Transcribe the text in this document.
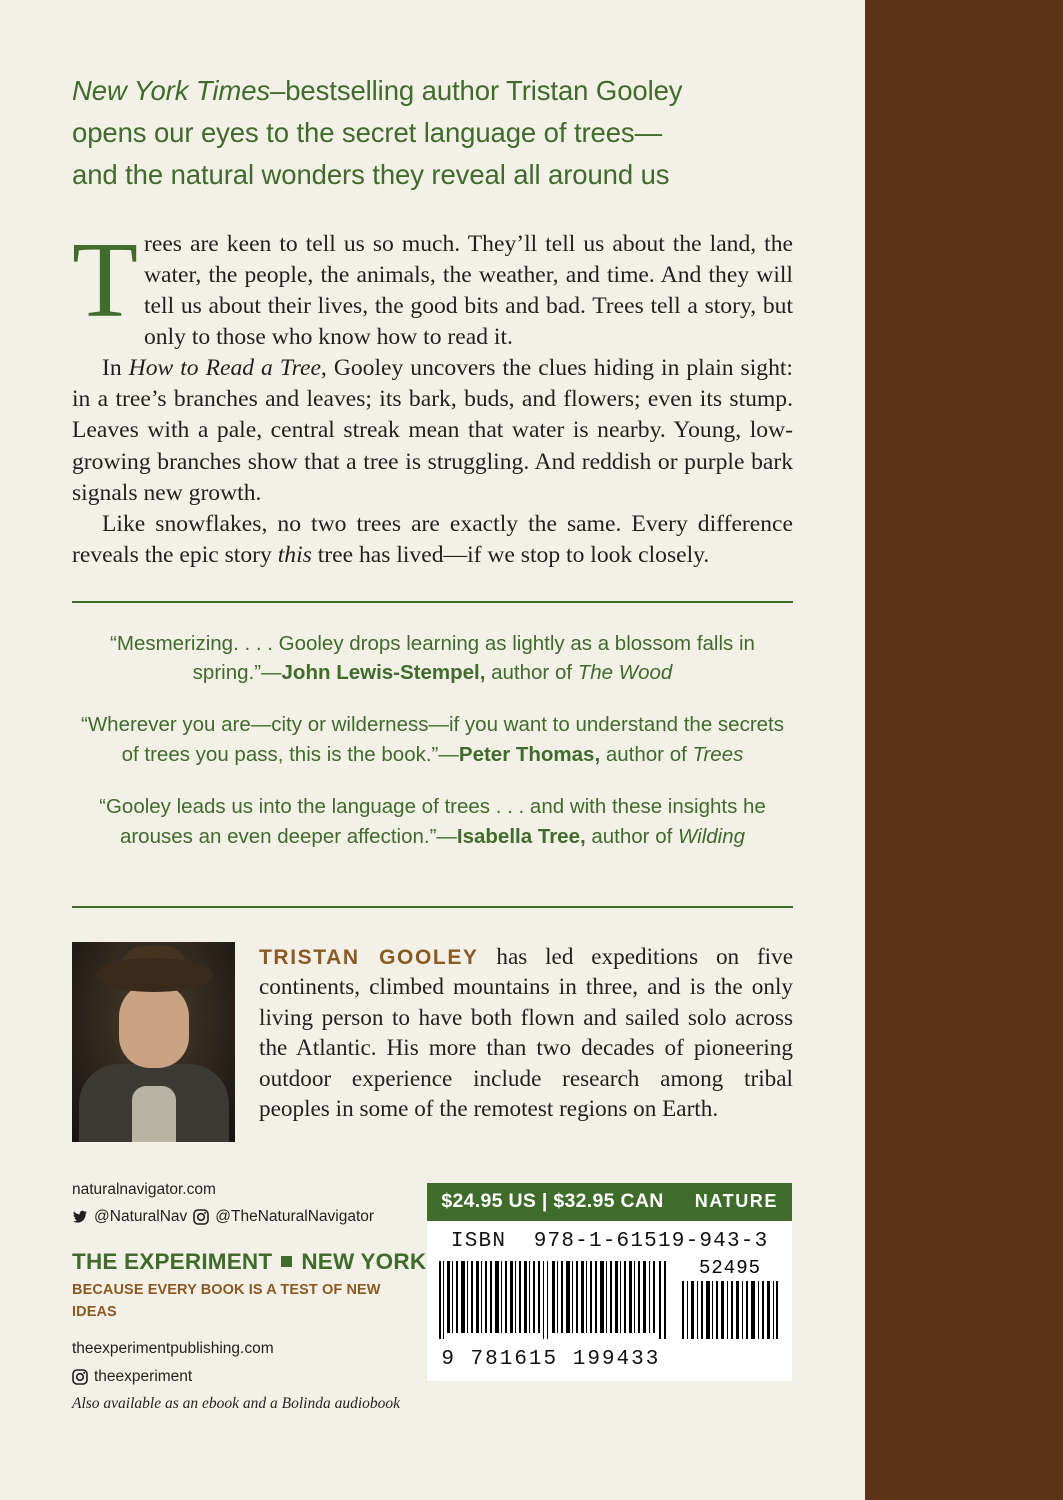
New York Times–bestselling author Tristan Gooley
opens our eyes to the secret language of trees—
and the natural wonders they reveal all around us

Trees are keen to tell us so much. They’ll tell us about the land, the water, the people, the animals, the weather, and time. And they will tell us about their lives, the good bits and bad. Trees tell a story, but only to those who know how to read it.

In How to Read a Tree, Gooley uncovers the clues hiding in plain sight: in a tree’s branches and leaves; its bark, buds, and flowers; even its stump. Leaves with a pale, central streak mean that water is nearby. Young, low-growing branches show that a tree is struggling. And reddish or purple bark signals new growth.

Like snowflakes, no two trees are exactly the same. Every difference reveals the epic story this tree has lived—if we stop to look closely.

“Mesmerizing. . . . Gooley drops learning as lightly as a blossom falls in spring.”—John Lewis-Stempel, author of The Wood
“Wherever you are—city or wilderness—if you want to understand the secrets of trees you pass, this is the book.”—Peter Thomas, author of Trees
“Gooley leads us into the language of trees . . . and with these insights he arouses an even deeper affection.”—Isabella Tree, author of Wilding
TRISTAN GOOLEY has led expeditions on five continents, climbed mountains in three, and is the only living person to have both flown and sailed solo across the Atlantic. His more than two decades of pioneering outdoor experience include research among tribal peoples in some of the remotest regions on Earth.
naturalnavigator.com
@NaturalNav @TheNaturalNavigator
THE EXPERIMENT NEW YORK
BECAUSE EVERY BOOK IS A TEST OF NEW IDEAS
theexperimentpublishing.com
theexperiment
Also available as an ebook and a Bolinda audiobook
$24.95 US | $32.95 CAN NATURE
ISBN 978-1-61519-943-3
52495
9 781615 199433
